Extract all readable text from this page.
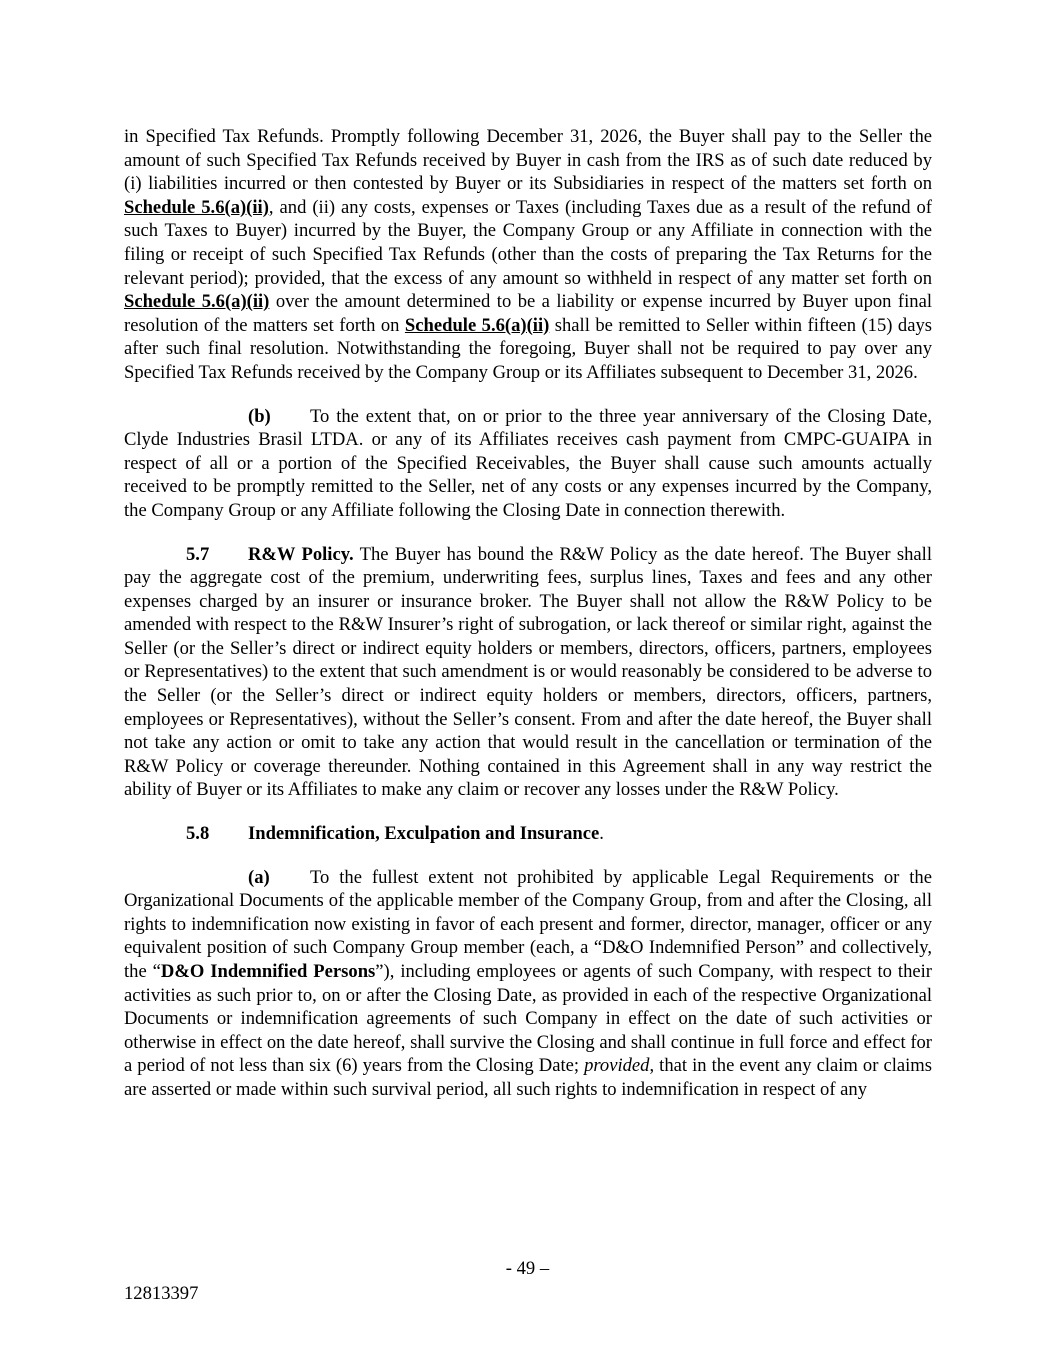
in Specified Tax Refunds. Promptly following December 31, 2026, the Buyer shall pay to the Seller the amount of such Specified Tax Refunds received by Buyer in cash from the IRS as of such date reduced by (i) liabilities incurred or then contested by Buyer or its Subsidiaries in respect of the matters set forth on Schedule 5.6(a)(ii), and (ii) any costs, expenses or Taxes (including Taxes due as a result of the refund of such Taxes to Buyer) incurred by the Buyer, the Company Group or any Affiliate in connection with the filing or receipt of such Specified Tax Refunds (other than the costs of preparing the Tax Returns for the relevant period); provided, that the excess of any amount so withheld in respect of any matter set forth on Schedule 5.6(a)(ii) over the amount determined to be a liability or expense incurred by Buyer upon final resolution of the matters set forth on Schedule 5.6(a)(ii) shall be remitted to Seller within fifteen (15) days after such final resolution. Notwithstanding the foregoing, Buyer shall not be required to pay over any Specified Tax Refunds received by the Company Group or its Affiliates subsequent to December 31, 2026.

(b) To the extent that, on or prior to the three year anniversary of the Closing Date, Clyde Industries Brasil LTDA. or any of its Affiliates receives cash payment from CMPC-GUAIPA in respect of all or a portion of the Specified Receivables, the Buyer shall cause such amounts actually received to be promptly remitted to the Seller, net of any costs or any expenses incurred by the Company, the Company Group or any Affiliate following the Closing Date in connection therewith.

5.7 R&W Policy. The Buyer has bound the R&W Policy as the date hereof. The Buyer shall pay the aggregate cost of the premium, underwriting fees, surplus lines, Taxes and fees and any other expenses charged by an insurer or insurance broker. The Buyer shall not allow the R&W Policy to be amended with respect to the R&W Insurer’s right of subrogation, or lack thereof or similar right, against the Seller (or the Seller’s direct or indirect equity holders or members, directors, officers, partners, employees or Representatives) to the extent that such amendment is or would reasonably be considered to be adverse to the Seller (or the Seller’s direct or indirect equity holders or members, directors, officers, partners, employees or Representatives), without the Seller’s consent. From and after the date hereof, the Buyer shall not take any action or omit to take any action that would result in the cancellation or termination of the R&W Policy or coverage thereunder. Nothing contained in this Agreement shall in any way restrict the ability of Buyer or its Affiliates to make any claim or recover any losses under the R&W Policy.

5.8 Indemnification, Exculpation and Insurance.

(a) To the fullest extent not prohibited by applicable Legal Requirements or the Organizational Documents of the applicable member of the Company Group, from and after the Closing, all rights to indemnification now existing in favor of each present and former, director, manager, officer or any equivalent position of such Company Group member (each, a “D&O Indemnified Person” and collectively, the “D&O Indemnified Persons”), including employees or agents of such Company, with respect to their activities as such prior to, on or after the Closing Date, as provided in each of the respective Organizational Documents or indemnification agreements of such Company in effect on the date of such activities or otherwise in effect on the date hereof, shall survive the Closing and shall continue in full force and effect for a period of not less than six (6) years from the Closing Date; provided, that in the event any claim or claims are asserted or made within such survival period, all such rights to indemnification in respect of any

- 49 –
12813397
